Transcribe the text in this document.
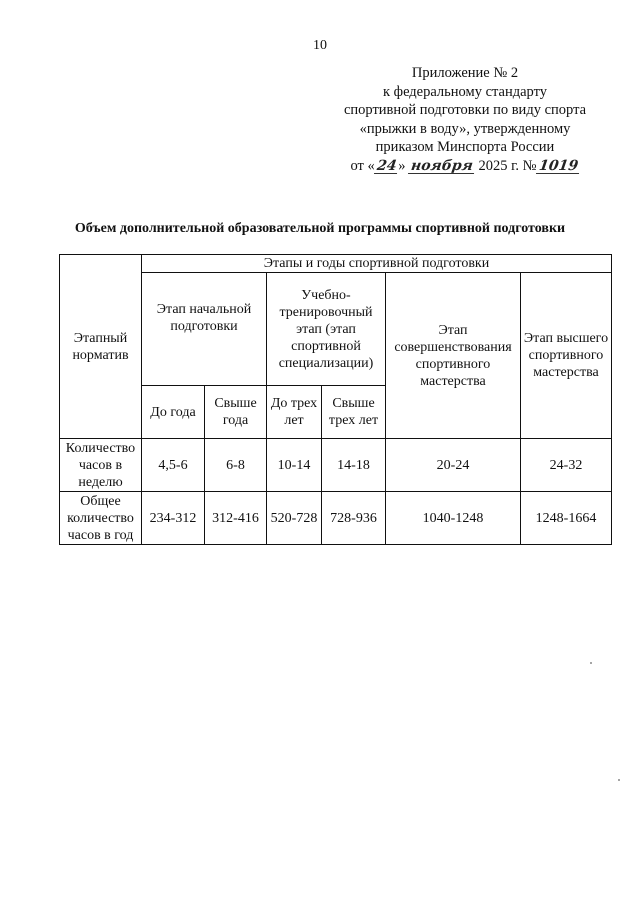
10
Приложение № 2
к федеральному стандарту
спортивной подготовки по виду спорта
«прыжки в воду», утвержденному
приказом Минспорта России
от «24» ноября 2025 г. №1019
Объем дополнительной образовательной программы спортивной подготовки
Этапный норматив	Этапы и годы спортивной подготовки					
	Этап начальной подготовки		Учебно-тренировочный этап (этап спортивной специализации)		Этап совершенствования спортивного мастерства	Этап высшего спортивного мастерства
	До года	Свыше года	До трех лет	Свыше трех лет		
Количество часов в неделю	4,5-6	6-8	10-14	14-18	20-24	24-32
Общее количество часов в год	234-312	312-416	520-728	728-936	1040-1248	1248-1664
